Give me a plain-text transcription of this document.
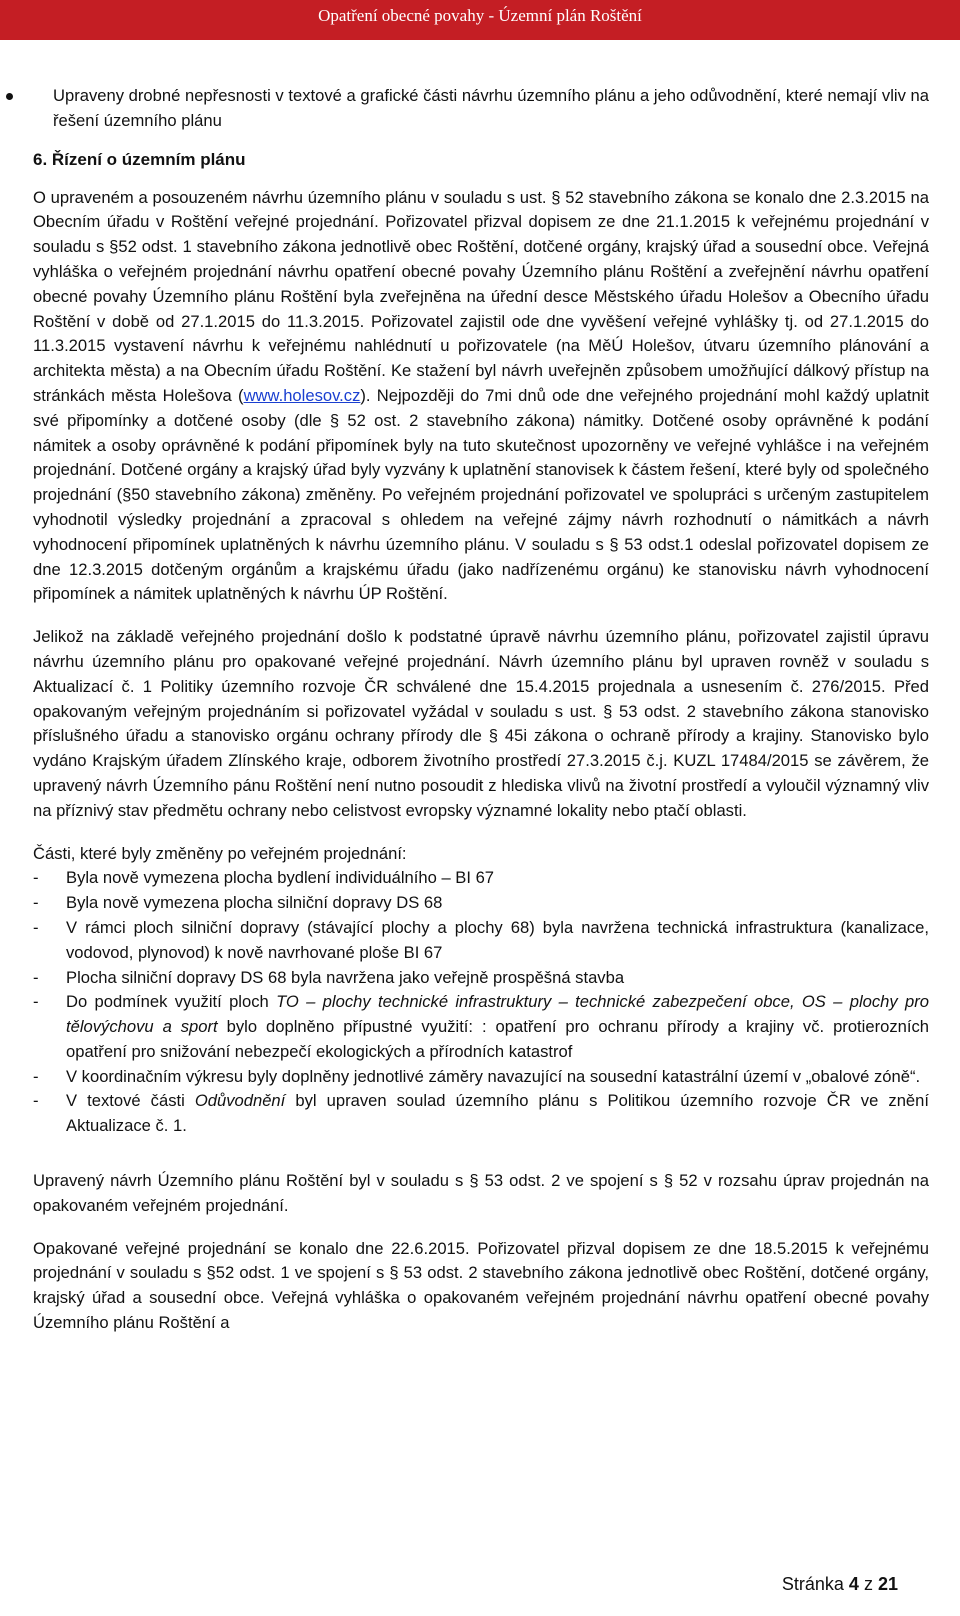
Opatření obecné povahy - Územní plán Roštění

Upraveny drobné nepřesnosti v textové a grafické části návrhu územního plánu a jeho odůvodnění, které nemají vliv na řešení územního plánu

6. Řízení o územním plánu

O upraveném a posouzeném návrhu územního plánu v souladu s ust. § 52 stavebního zákona se konalo dne 2.3.2015 na Obecním úřadu v Roštění veřejné projednání. Pořizovatel přizval dopisem ze dne 21.1.2015 k veřejnému projednání v souladu s §52 odst. 1 stavebního zákona jednotlivě obec Roštění, dotčené orgány, krajský úřad a sousední obce. Veřejná vyhláška o veřejném projednání návrhu opatření obecné povahy Územního plánu Roštění a zveřejnění návrhu opatření obecné povahy Územního plánu Roštění byla zveřejněna na úřední desce Městského úřadu Holešov a Obecního úřadu Roštění v době od 27.1.2015 do 11.3.2015. Pořizovatel zajistil ode dne vyvěšení veřejné vyhlášky tj. od 27.1.2015 do 11.3.2015 vystavení návrhu k veřejnému nahlédnutí u pořizovatele (na MěÚ Holešov, útvaru územního plánování a architekta města) a na Obecním úřadu Roštění. Ke stažení byl návrh uveřejněn způsobem umožňující dálkový přístup na stránkách města Holešova (www.holesov.cz). Nejpozději do 7mi dnů ode dne veřejného projednání mohl každý uplatnit své připomínky a dotčené osoby (dle § 52 ost. 2 stavebního zákona) námitky. Dotčené osoby oprávněné k podání námitek a osoby oprávněné k podání připomínek byly na tuto skutečnost upozorněny ve veřejné vyhlášce i na veřejném projednání. Dotčené orgány a krajský úřad byly vyzvány k uplatnění stanovisek k částem řešení, které byly od společného projednání (§50 stavebního zákona) změněny. Po veřejném projednání pořizovatel ve spolupráci s určeným zastupitelem vyhodnotil výsledky projednání a zpracoval s ohledem na veřejné zájmy návrh rozhodnutí o námitkách a návrh vyhodnocení připomínek uplatněných k návrhu územního plánu. V souladu s § 53 odst.1 odeslal pořizovatel dopisem ze dne 12.3.2015 dotčeným orgánům a krajskému úřadu (jako nadřízenému orgánu) ke stanovisku návrh vyhodnocení připomínek a námitek uplatněných k návrhu ÚP Roštění.

Jelikož na základě veřejného projednání došlo k podstatné úpravě návrhu územního plánu, pořizovatel zajistil úpravu návrhu územního plánu pro opakované veřejné projednání. Návrh územního plánu byl upraven rovněž v souladu s Aktualizací č. 1 Politiky územního rozvoje ČR schválené dne 15.4.2015 projednala a usnesením č. 276/2015. Před opakovaným veřejným projednáním si pořizovatel vyžádal v souladu s ust. § 53 odst. 2 stavebního zákona stanovisko příslušného úřadu a stanovisko orgánu ochrany přírody dle § 45i zákona o ochraně přírody a krajiny. Stanovisko bylo vydáno Krajským úřadem Zlínského kraje, odborem životního prostředí 27.3.2015 č.j. KUZL 17484/2015 se závěrem, že upravený návrh Územního pánu Roštění není nutno posoudit z hlediska vlivů na životní prostředí a vyloučil významný vliv na příznivý stav předmětu ochrany nebo celistvost evropsky významné lokality nebo ptačí oblasti.

Části, které byly změněny po veřejném projednání:

-	Byla nově vymezena plocha bydlení individuálního – BI 67
-	Byla nově vymezena plocha silniční dopravy DS 68
-	V rámci ploch silniční dopravy (stávající plochy a plochy 68) byla navržena technická infrastruktura (kanalizace, vodovod, plynovod) k nově navrhované ploše BI 67
-	Plocha silniční dopravy DS 68 byla navržena jako veřejně prospěšná stavba
-	Do podmínek využití ploch TO – plochy technické infrastruktury – technické zabezpečení obce, OS – plochy pro tělovýchovu a sport bylo doplněno přípustné využití: : opatření pro ochranu přírody a krajiny vč. protierozních opatření pro snižování nebezpečí ekologických a přírodních katastrof
-	V koordinačním výkresu byly doplněny jednotlivé záměry navazující na sousední katastrální území v „obalové zóně“.
-	V textové části Odůvodnění byl upraven soulad územního plánu s Politikou územního rozvoje ČR ve znění Aktualizace č. 1.

Upravený návrh Územního plánu Roštění byl v souladu s § 53 odst. 2 ve spojení s § 52 v rozsahu úprav projednán na opakovaném veřejném projednání.

Opakované veřejné projednání se konalo dne 22.6.2015. Pořizovatel přizval dopisem ze dne 18.5.2015 k veřejnému projednání v souladu s §52 odst. 1 ve spojení s § 53 odst. 2 stavebního zákona jednotlivě obec Roštění, dotčené orgány, krajský úřad a sousední obce. Veřejná vyhláška o opakovaném veřejném projednání návrhu opatření obecné povahy Územního plánu Roštění a

Stránka 4 z 21
